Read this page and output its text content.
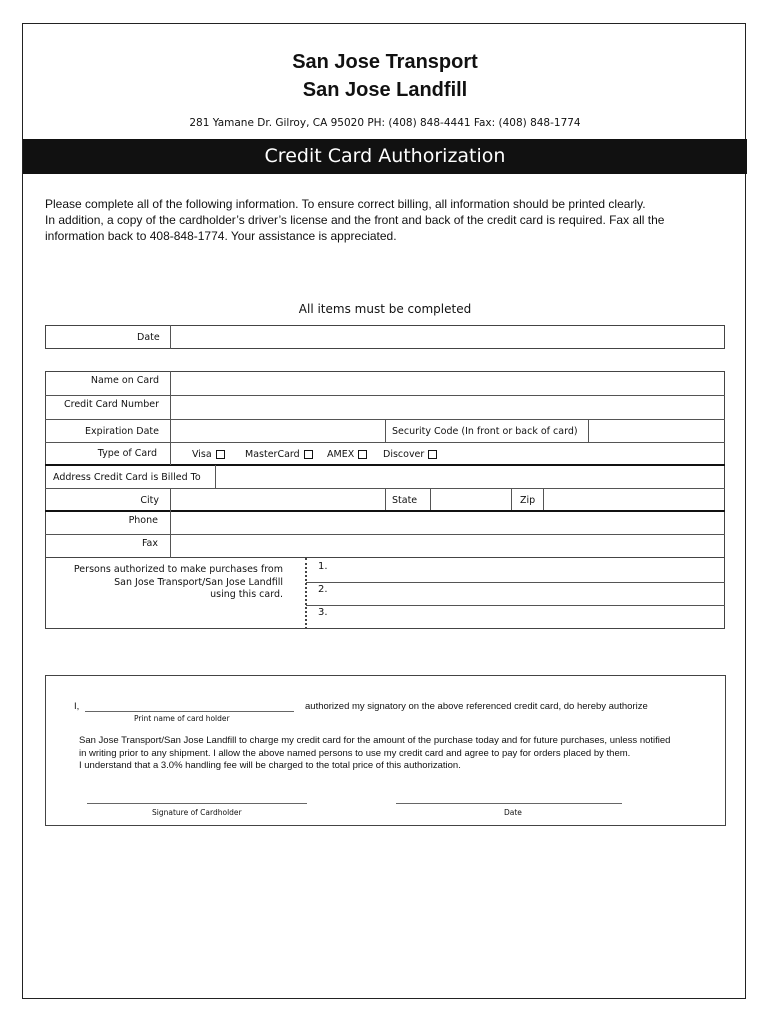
San Jose Transport
San Jose Landfill
281 Yamane Dr. Gilroy, CA 95020 PH: (408) 848-4441 Fax: (408) 848-1774
Credit Card Authorization

Please complete all of the following information. To ensure correct billing, all information should be printed clearly.

In addition, a copy of the cardholder’s driver’s license and the front and back of the credit card is required. Fax all the

information back to 408-848-1774. Your assistance is appreciated.

All items must be completed
Date
Name on Card
Credit Card Number
Expiration Date	Security Code (In front or back of card)
Type of Card	Visa	MasterCard	AMEX	Discover
Address Credit Card is Billed To
City	State	Zip
Phone
Fax
Persons authorized to make purchases from
San Jose Transport/San Jose Landfill
using this card.
1.
2.
3.
I,
Print name of card holder
authorized my signatory on the above referenced credit card, do hereby authorize
San Jose Transport/San Jose Landfill to charge my credit card for the amount of the purchase today and for future purchases, unless notified
in writing prior to any shipment. I allow the above named persons to use my credit card and agree to pay for orders placed by them.
I understand that a 3.0% handling fee will be charged to the total price of this authorization.
Signature of Cardholder	Date
